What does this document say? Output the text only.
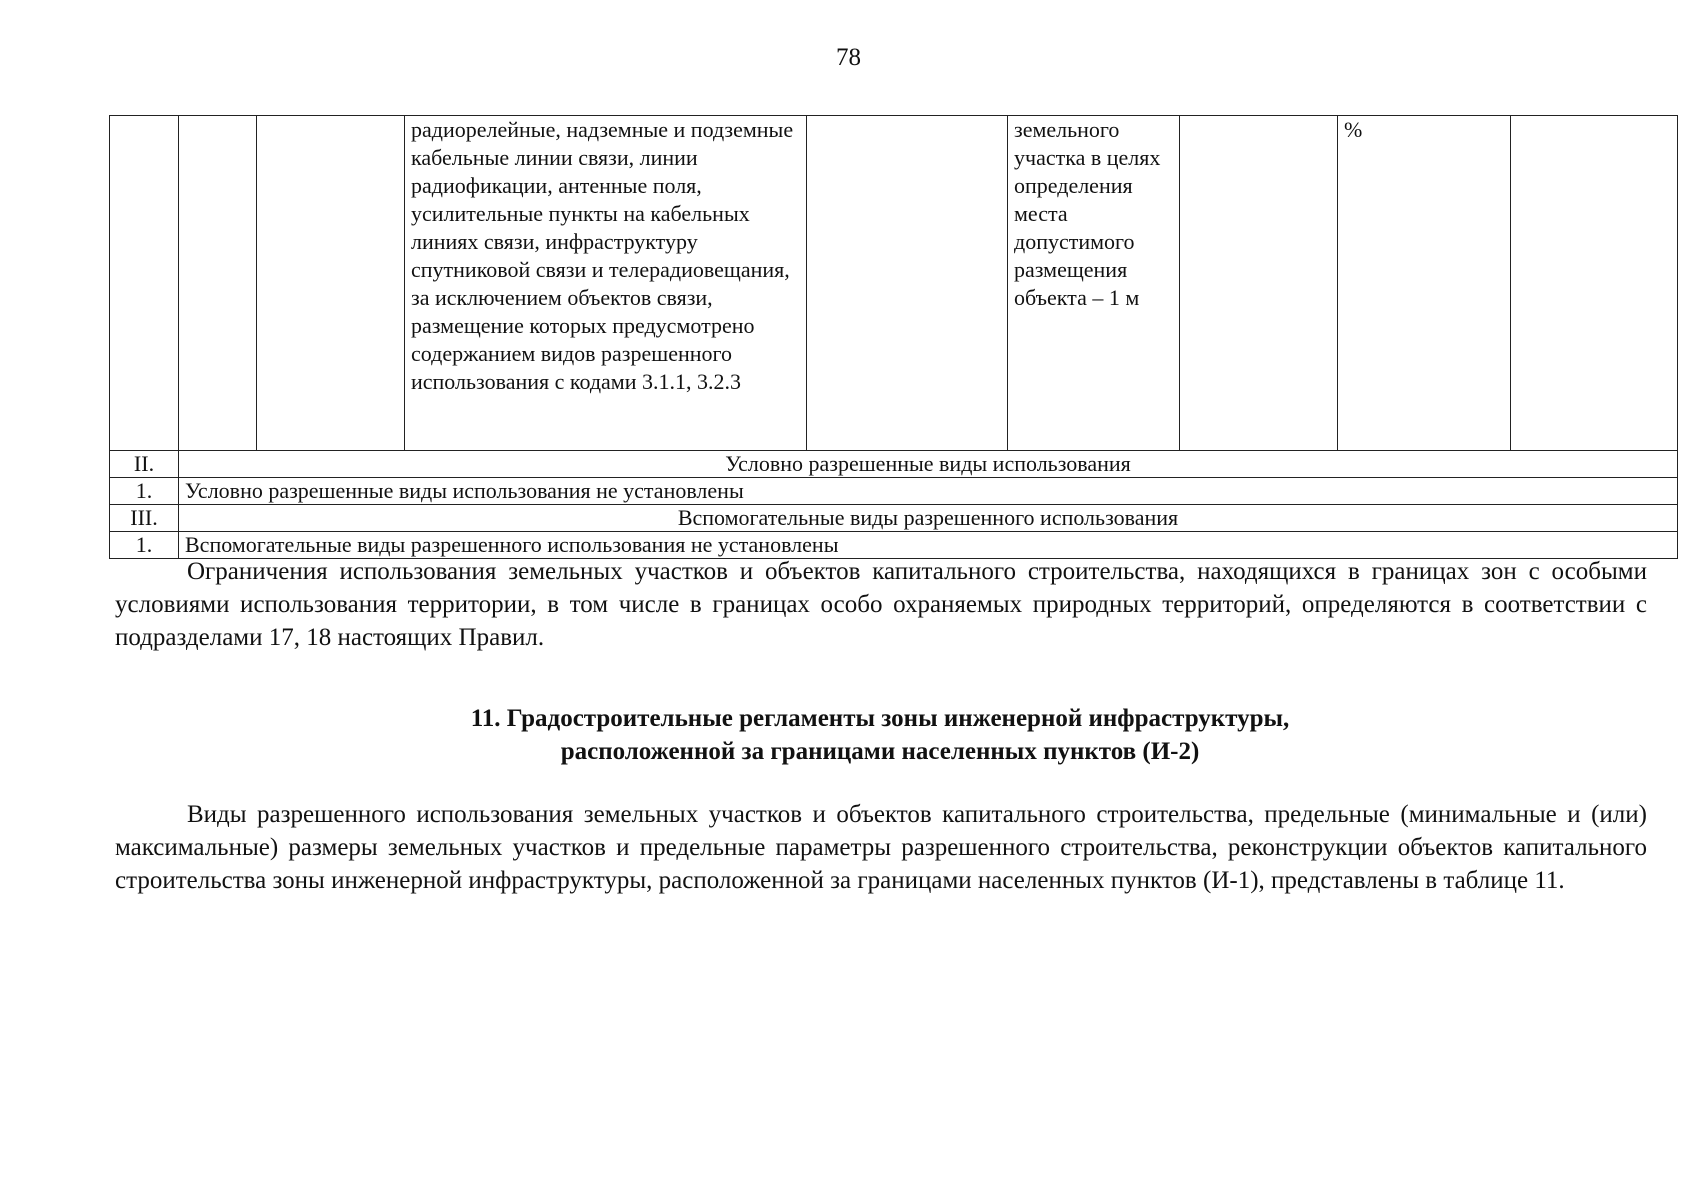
78
			радиорелейные, надземные и подземные кабельные линии связи, линии радиофикации, антенные поля, усилительные пункты на кабельных линиях связи, инфраструктуру спутниковой связи и телерадиовещания, за исключением объектов связи, размещение которых предусмотрено содержанием видов разрешенного использования с кодами 3.1.1, 3.2.3		земельного участка в целях определения места допустимого размещения объекта – 1 м		%	
II.	Условно разрешенные виды использования							
1.	Условно разрешенные виды использования не установлены							
III.	Вспомогательные виды разрешенного использования							
1.	Вспомогательные виды разрешенного использования не установлены							

Ограничения использования земельных участков и объектов капитального строительства, находящихся в границах зон с особыми условиями использования территории, в том числе в границах особо охраняемых природных территорий, определяются в соответствии с подразделами 17, 18 настоящих Правил.

11. Градостроительные регламенты зоны инженерной инфраструктуры,
расположенной за границами населенных пунктов (И-2)

Виды разрешенного использования земельных участков и объектов капитального строительства, предельные (минимальные и (или) максимальные) размеры земельных участков и предельные параметры разрешенного строительства, реконструкции объектов капитального строительства зоны инженерной инфраструктуры, расположенной за границами населенных пунктов (И-1), представлены в таблице 11.
